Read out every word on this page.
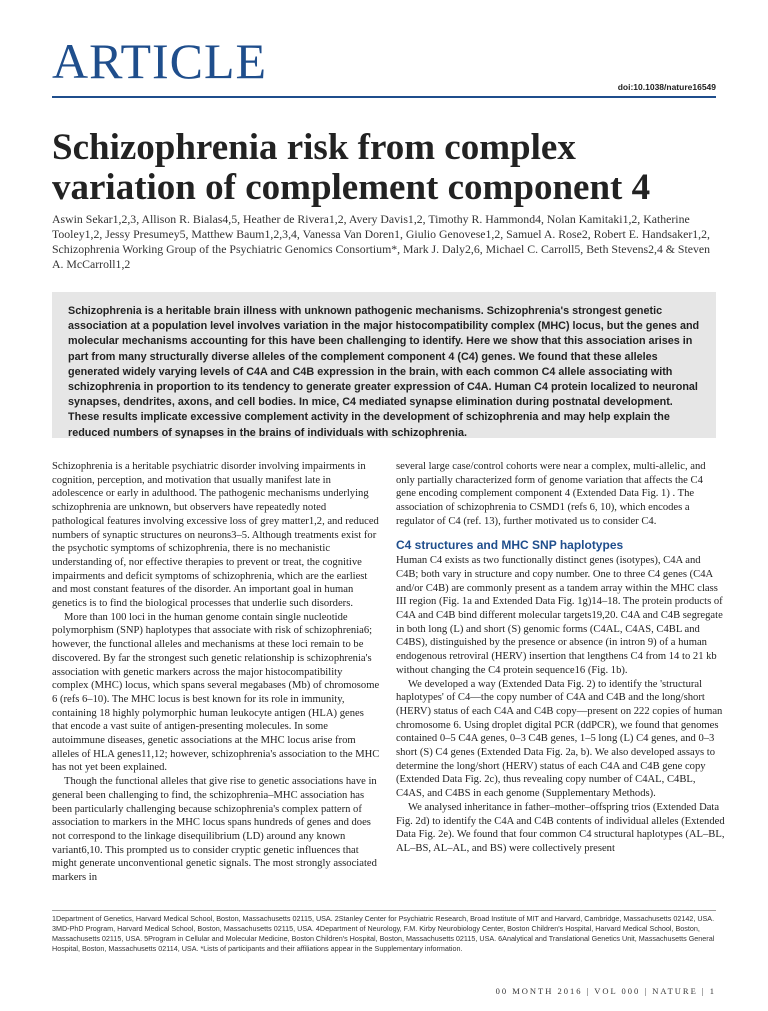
ARTICLE	doi:10.1038/nature16549
Schizophrenia risk from complex variation of complement component 4
Aswin Sekar1,2,3, Allison R. Bialas4,5, Heather de Rivera1,2, Avery Davis1,2, Timothy R. Hammond4, Nolan Kamitaki1,2, Katherine Tooley1,2, Jessy Presumey5, Matthew Baum1,2,3,4, Vanessa Van Doren1, Giulio Genovese1,2, Samuel A. Rose2, Robert E. Handsaker1,2, Schizophrenia Working Group of the Psychiatric Genomics Consortium*, Mark J. Daly2,6, Michael C. Carroll5, Beth Stevens2,4 & Steven A. McCarroll1,2
Schizophrenia is a heritable brain illness with unknown pathogenic mechanisms. Schizophrenia's strongest genetic association at a population level involves variation in the major histocompatibility complex (MHC) locus, but the genes and molecular mechanisms accounting for this have been challenging to identify. Here we show that this association arises in part from many structurally diverse alleles of the complement component 4 (C4) genes. We found that these alleles generated widely varying levels of C4A and C4B expression in the brain, with each common C4 allele associating with schizophrenia in proportion to its tendency to generate greater expression of C4A. Human C4 protein localized to neuronal synapses, dendrites, axons, and cell bodies. In mice, C4 mediated synapse elimination during postnatal development. These results implicate excessive complement activity in the development of schizophrenia and may help explain the reduced numbers of synapses in the brains of individuals with schizophrenia.

Schizophrenia is a heritable psychiatric disorder involving impairments in cognition, perception, and motivation that usually manifest late in adolescence or early in adulthood. The pathogenic mechanisms underlying schizophrenia are unknown, but observers have repeatedly noted pathological features involving excessive loss of grey matter1,2, and reduced numbers of synaptic structures on neurons3–5. Although treatments exist for the psychotic symptoms of schizophrenia, there is no mechanistic understanding of, nor effective therapies to prevent or treat, the cognitive impairments and deficit symptoms of schizophrenia, which are the earliest and most constant features of the disorder. An important goal in human genetics is to find the biological processes that underlie such disorders.

More than 100 loci in the human genome contain single nucleotide polymorphism (SNP) haplotypes that associate with risk of schizophrenia6; however, the functional alleles and mechanisms at these loci remain to be discovered. By far the strongest such genetic relationship is schizophrenia's association with genetic markers across the major histocompatibility complex (MHC) locus, which spans several megabases (Mb) of chromosome 6 (refs 6–10). The MHC locus is best known for its role in immunity, containing 18 highly polymorphic human leukocyte antigen (HLA) genes that encode a vast suite of antigen-presenting molecules. In some autoimmune diseases, genetic associations at the MHC locus arise from alleles of HLA genes11,12; however, schizophrenia's association to the MHC has not yet been explained.

Though the functional alleles that give rise to genetic associations have in general been challenging to find, the schizophrenia–MHC association has been particularly challenging because schizophrenia's complex pattern of association to markers in the MHC locus spans hundreds of genes and does not correspond to the linkage disequilibrium (LD) around any known variant6,10. This prompted us to consider cryptic genetic influences that might generate unconventional genetic signals. The most strongly associated markers in

several large case/control cohorts were near a complex, multi-allelic, and only partially characterized form of genome variation that affects the C4 gene encoding complement component 4 (Extended Data Fig. 1) . The association of schizophrenia to CSMD1 (refs 6, 10), which encodes a regulator of C4 (ref. 13), further motivated us to consider C4.

C4 structures and MHC SNP haplotypes

Human C4 exists as two functionally distinct genes (isotypes), C4A and C4B; both vary in structure and copy number. One to three C4 genes (C4A and/or C4B) are commonly present as a tandem array within the MHC class III region (Fig. 1a and Extended Data Fig. 1g)14–18. The protein products of C4A and C4B bind different molecular targets19,20. C4A and C4B segregate in both long (L) and short (S) genomic forms (C4AL, C4AS, C4BL and C4BS), distinguished by the presence or absence (in intron 9) of a human endogenous retroviral (HERV) insertion that lengthens C4 from 14 to 21 kb without changing the C4 protein sequence16 (Fig. 1b).

We developed a way (Extended Data Fig. 2) to identify the 'structural haplotypes' of C4—the copy number of C4A and C4B and the long/short (HERV) status of each C4A and C4B copy—present on 222 copies of human chromosome 6. Using droplet digital PCR (ddPCR), we found that genomes contained 0–5 C4A genes, 0–3 C4B genes, 1–5 long (L) C4 genes, and 0–3 short (S) C4 genes (Extended Data Fig. 2a, b). We also developed assays to determine the long/short (HERV) status of each C4A and C4B gene copy (Extended Data Fig. 2c), thus revealing copy number of C4AL, C4BL, C4AS, and C4BS in each genome (Supplementary Methods).

We analysed inheritance in father–mother–offspring trios (Extended Data Fig. 2d) to identify the C4A and C4B contents of individual alleles (Extended Data Fig. 2e). We found that four common C4 structural haplotypes (AL–BL, AL–BS, AL–AL, and BS) were collectively present

1Department of Genetics, Harvard Medical School, Boston, Massachusetts 02115, USA. 2Stanley Center for Psychiatric Research, Broad Institute of MIT and Harvard, Cambridge, Massachusetts 02142, USA. 3MD-PhD Program, Harvard Medical School, Boston, Massachusetts 02115, USA. 4Department of Neurology, F.M. Kirby Neurobiology Center, Boston Children's Hospital, Harvard Medical School, Boston, Massachusetts 02115, USA. 5Program in Cellular and Molecular Medicine, Boston Children's Hospital, Boston, Massachusetts 02115, USA. 6Analytical and Translational Genetics Unit, Massachusetts General Hospital, Boston, Massachusetts 02114, USA. *Lists of participants and their affiliations appear in the Supplementary information.
00 MONTH 2016 | VOL 000 | NATURE | 1
